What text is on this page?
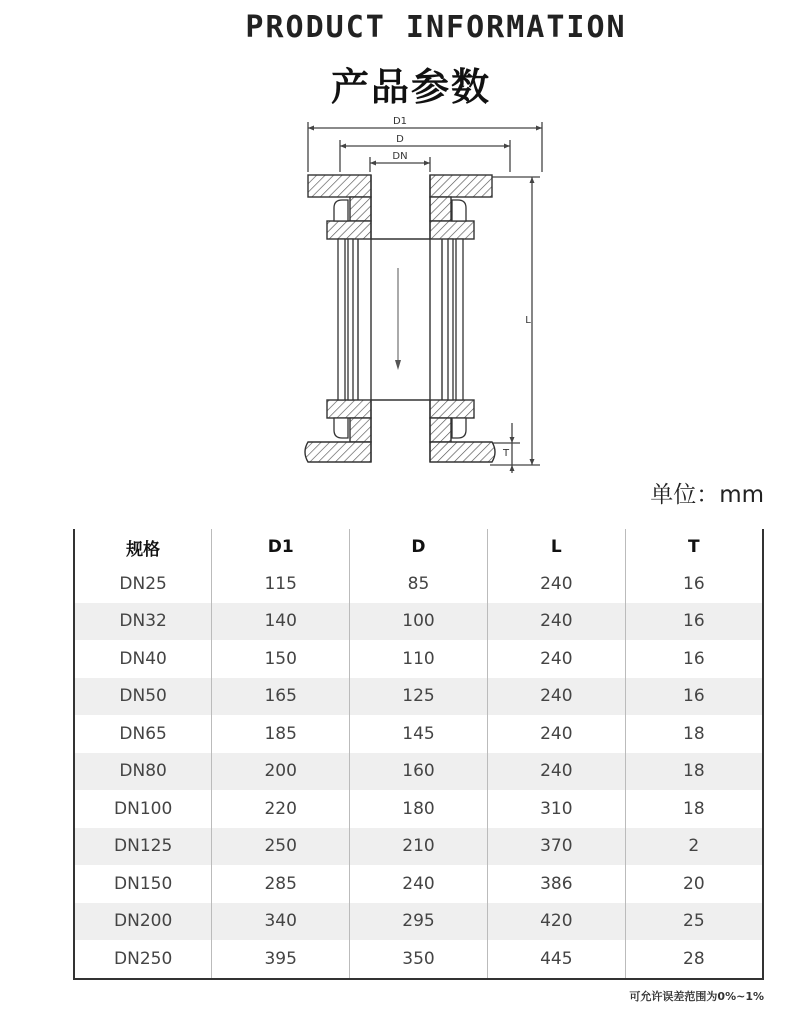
PRODUCT INFORMATION
产品参数
D1
D
DN
L
T
单位：mm
规格	D1	D	L	T
DN25	115	85	240	16
DN32	140	100	240	16
DN40	150	110	240	16
DN50	165	125	240	16
DN65	185	145	240	18
DN80	200	160	240	18
DN100	220	180	310	18
DN125	250	210	370	2
DN150	285	240	386	20
DN200	340	295	420	25
DN250	395	350	445	28
可允许误差范围为0%~1%
